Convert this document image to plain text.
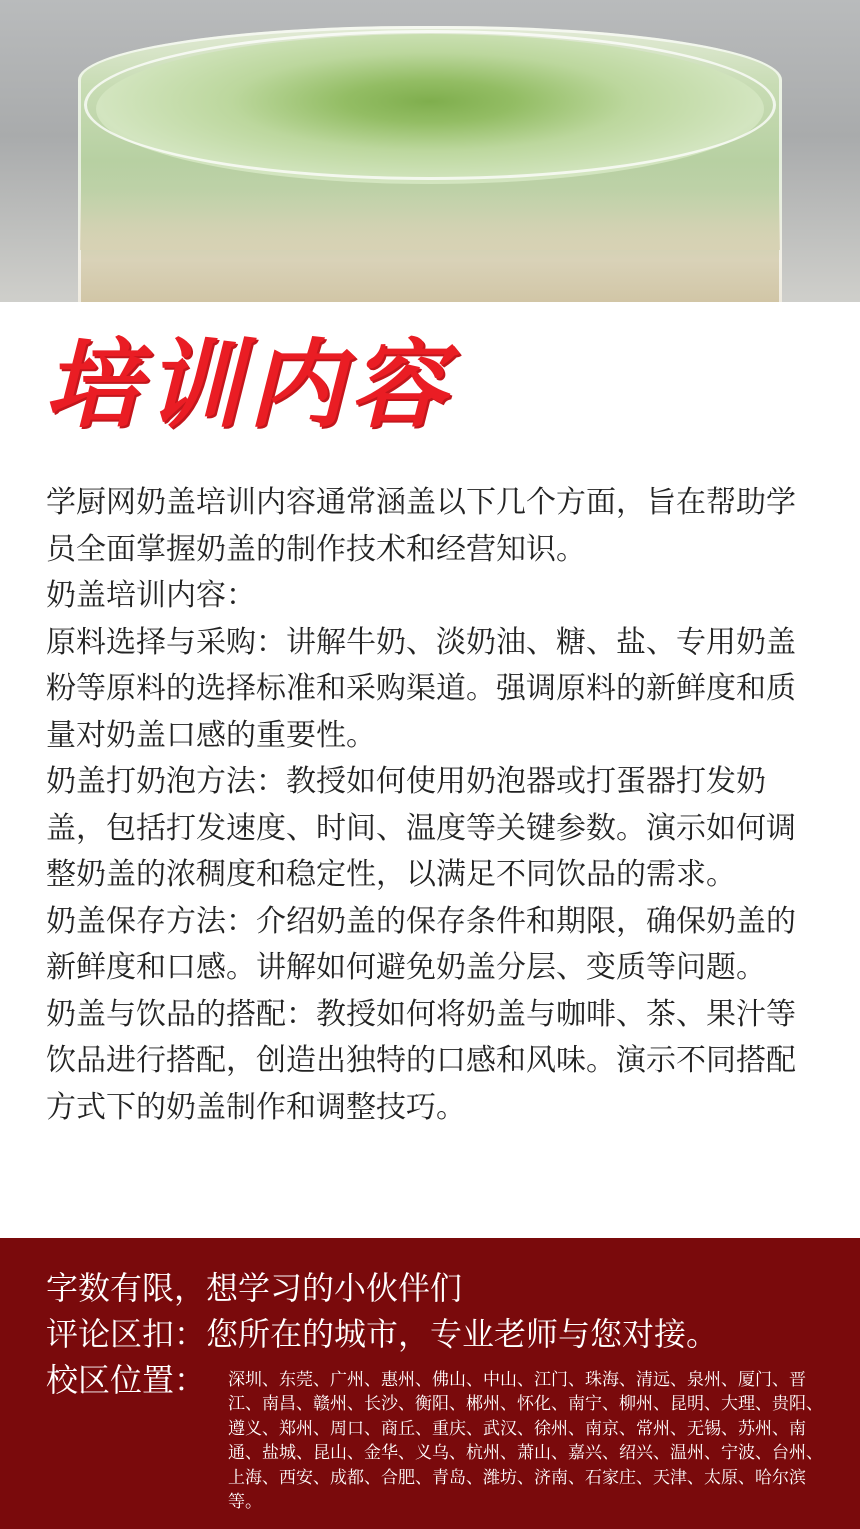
培训内容

学厨网奶盖培训内容通常涵盖以下几个方面，旨在帮助学员全面掌握奶盖的制作技术和经营知识。

奶盖培训内容：

原料选择与采购：讲解牛奶、淡奶油、糖、盐、专用奶盖粉等原料的选择标准和采购渠道。强调原料的新鲜度和质量对奶盖口感的重要性。

奶盖打奶泡方法：教授如何使用奶泡器或打蛋器打发奶盖，包括打发速度、时间、温度等关键参数。演示如何调整奶盖的浓稠度和稳定性，以满足不同饮品的需求。

奶盖保存方法：介绍奶盖的保存条件和期限，确保奶盖的新鲜度和口感。讲解如何避免奶盖分层、变质等问题。

奶盖与饮品的搭配：教授如何将奶盖与咖啡、茶、果汁等饮品进行搭配，创造出独特的口感和风味。演示不同搭配方式下的奶盖制作和调整技巧。

字数有限，想学习的小伙伴们
评论区扣：您所在的城市，专业老师与您对接。
校区位置： 深圳、东莞、广州、惠州、佛山、中山、江门、珠海、清远、泉州、厦门、晋江、南昌、赣州、长沙、衡阳、郴州、怀化、南宁、柳州、昆明、大理、贵阳、遵义、郑州、周口、商丘、重庆、武汉、徐州、南京、常州、无锡、苏州、南通、盐城、昆山、金华、义乌、杭州、萧山、嘉兴、绍兴、温州、宁波、台州、上海、西安、成都、合肥、青岛、潍坊、济南、石家庄、天津、太原、哈尔滨等。
